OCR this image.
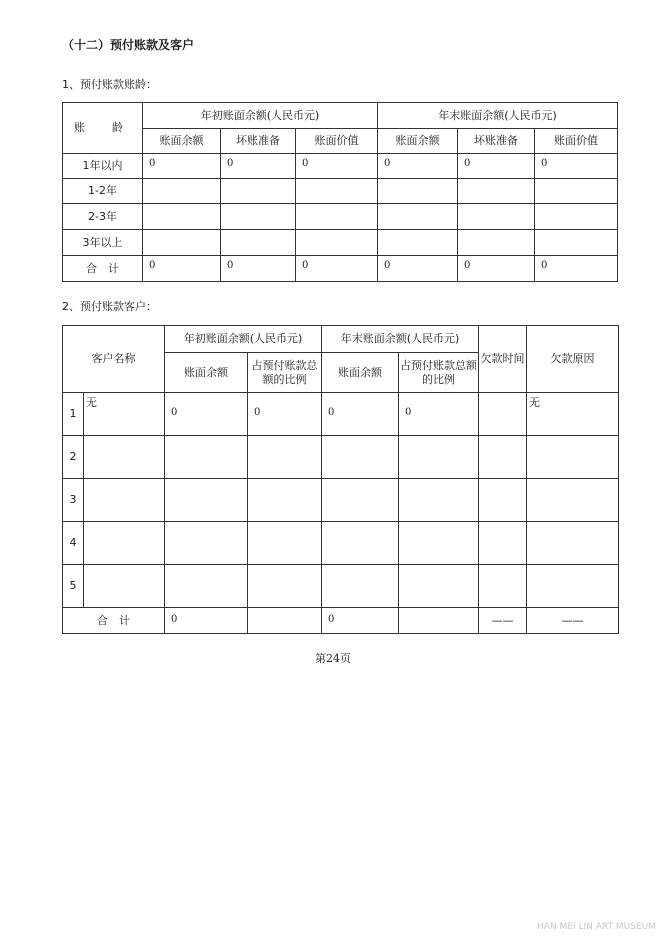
（十二）预付账款及客户
1、预付账款账龄：
账　龄	年初账面余额(人民币元)			年末账面余额(人民币元)		
	账面余额	坏账准备	账面价值	账面余额	坏账准备	账面价值
1年以内	0	0	0	0	0	0
1-2年						
2-3年						
3年以上						
合　计	0	0	0	0	0	0
2、预付账款客户：
客户名称		年初账面余额(人民币元)		年末账面余额(人民币元)		欠款时间	欠款原因
		账面余额	占预付账款总额的比例	账面余额	占预付账款总额的比例		
1	无	0	0	0	0		无
2							
3							
4							
5							
合　计		0		0		——	——
第24页
HAN MEI LIN ART MUSEUM
